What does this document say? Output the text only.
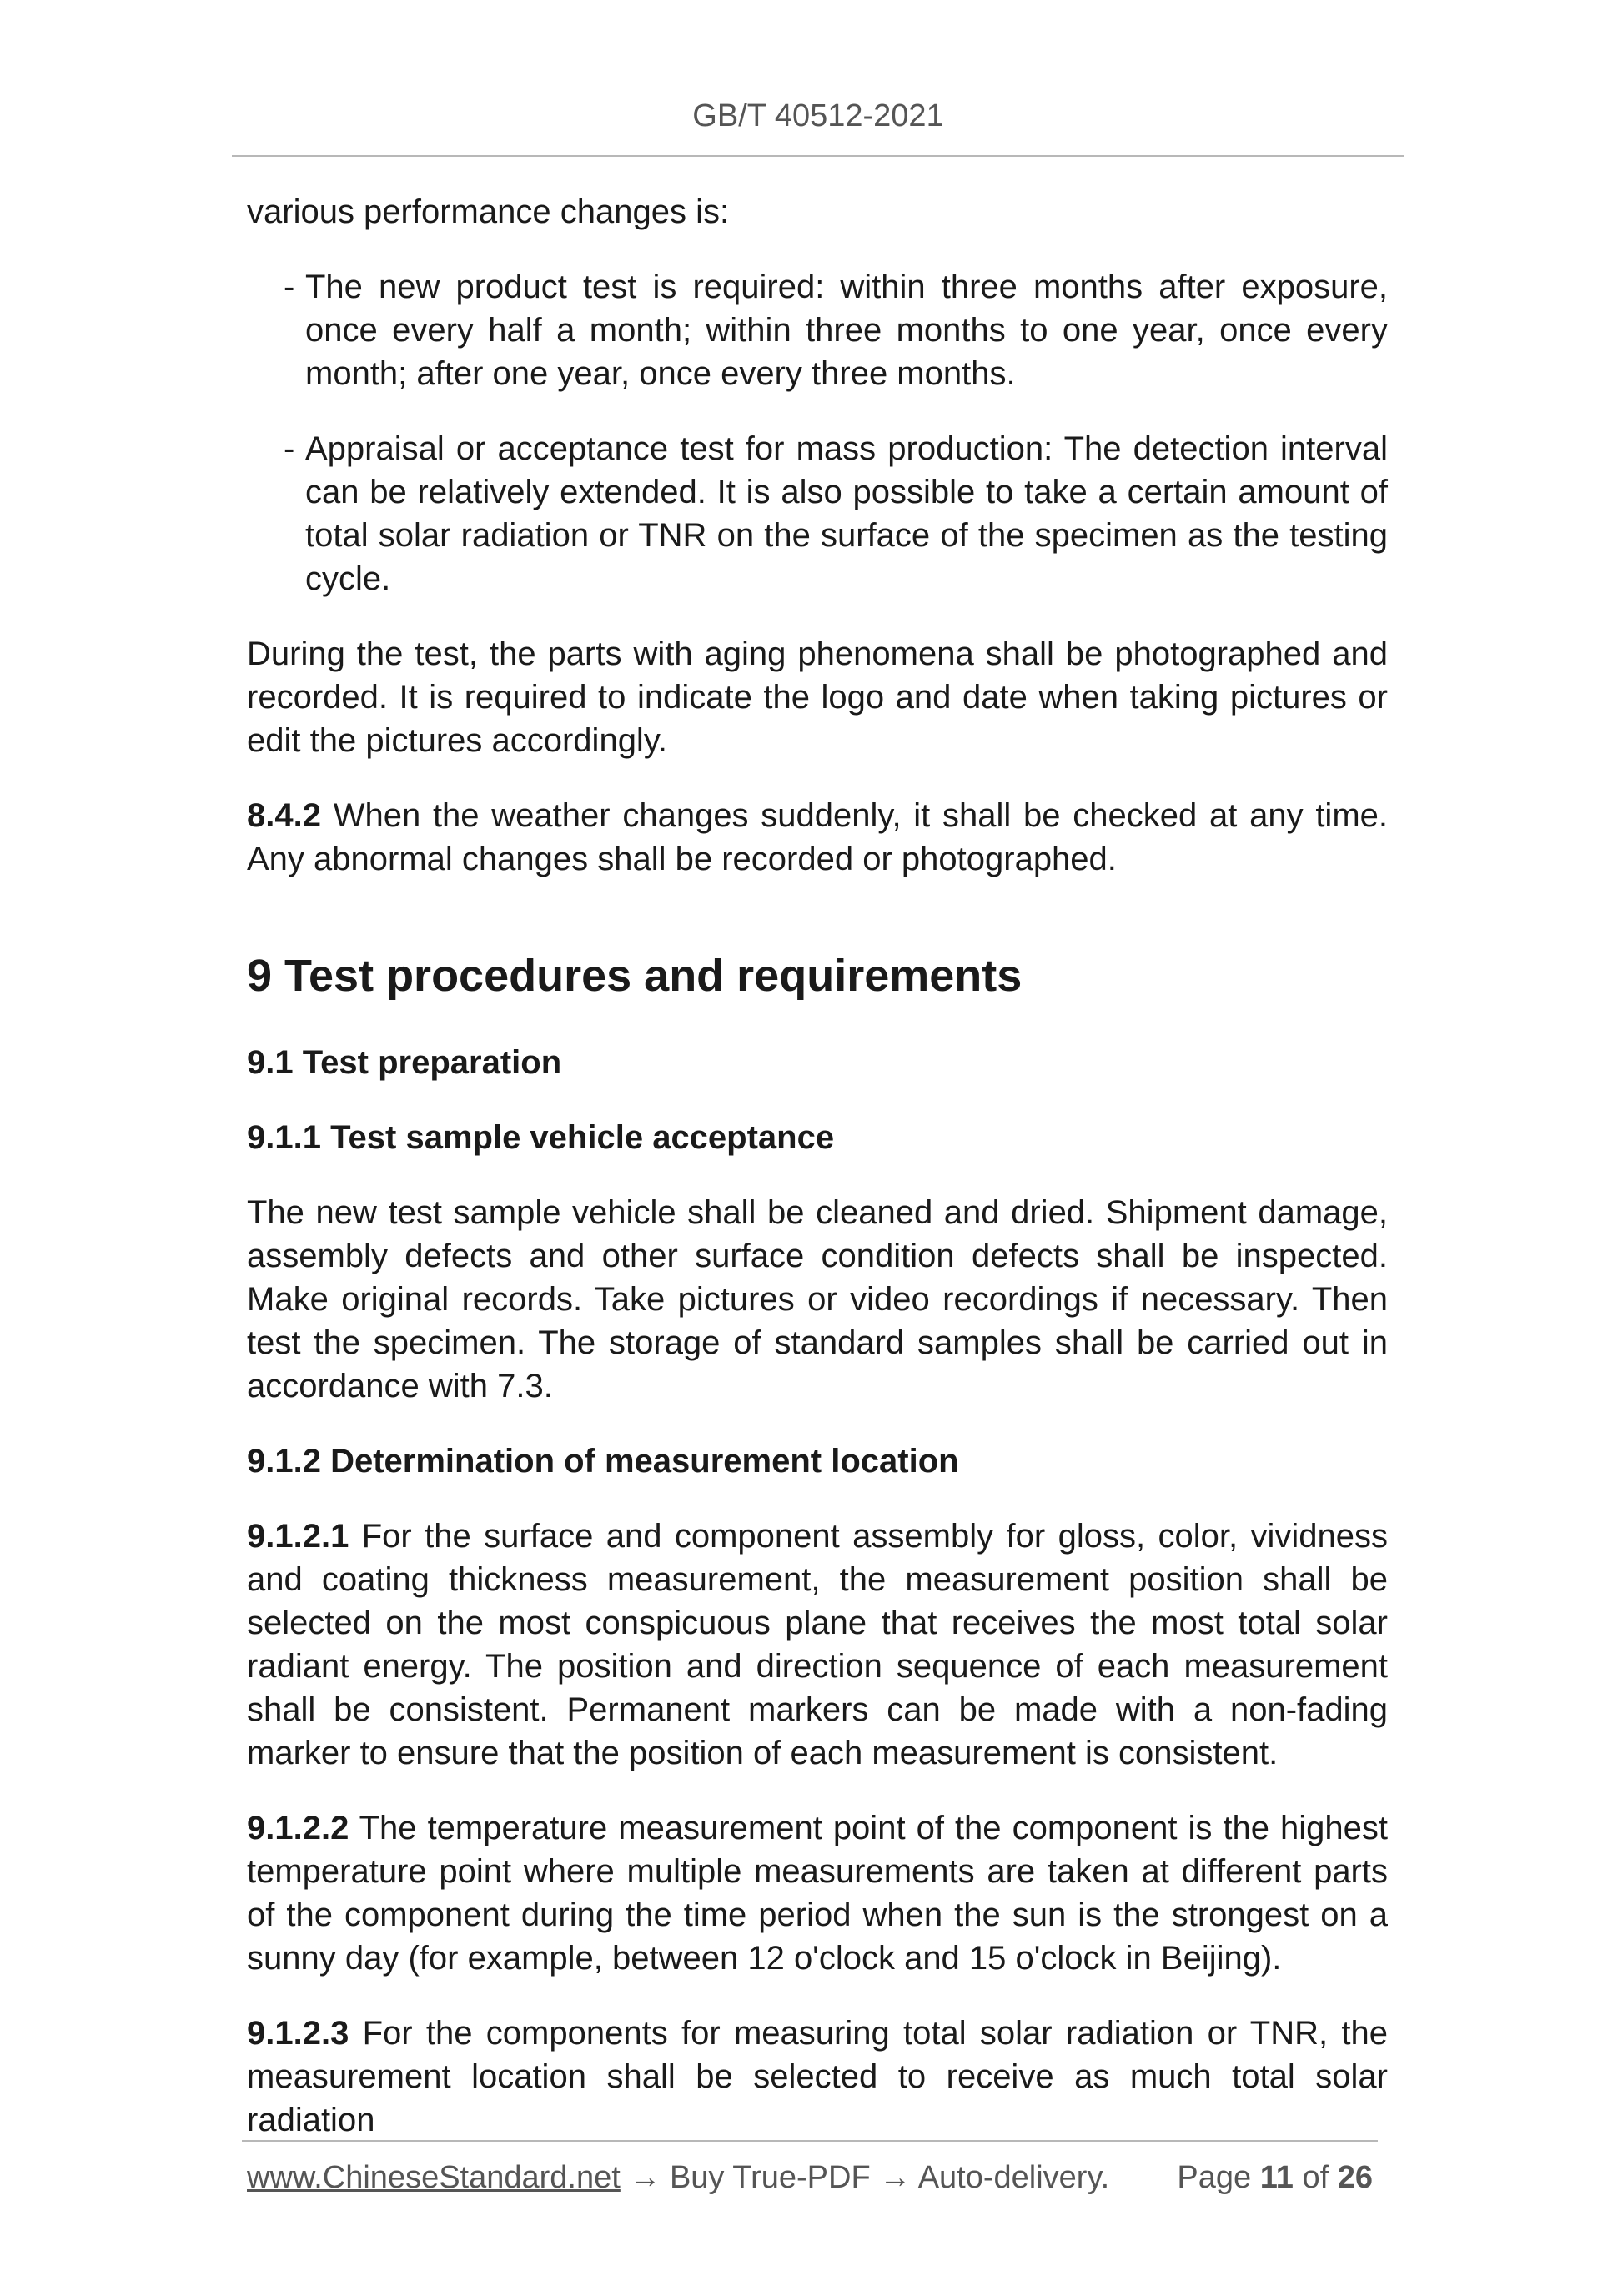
GB/T 40512-2021

various performance changes is:

- The new product test is required: within three months after exposure, once every half a month; within three months to one year, once every month; after one year, once every three months.
- Appraisal or acceptance test for mass production: The detection interval can be relatively extended. It is also possible to take a certain amount of total solar radiation or TNR on the surface of the specimen as the testing cycle.

During the test, the parts with aging phenomena shall be photographed and recorded. It is required to indicate the logo and date when taking pictures or edit the pictures accordingly.

8.4.2 When the weather changes suddenly, it shall be checked at any time. Any abnormal changes shall be recorded or photographed.

9 Test procedures and requirements
9.1 Test preparation
9.1.1 Test sample vehicle acceptance

The new test sample vehicle shall be cleaned and dried. Shipment damage, assembly defects and other surface condition defects shall be inspected. Make original records. Take pictures or video recordings if necessary. Then test the specimen. The storage of standard samples shall be carried out in accordance with 7.3.

9.1.2 Determination of measurement location

9.1.2.1 For the surface and component assembly for gloss, color, vividness and coating thickness measurement, the measurement position shall be selected on the most conspicuous plane that receives the most total solar radiant energy. The position and direction sequence of each measurement shall be consistent. Permanent markers can be made with a non-fading marker to ensure that the position of each measurement is consistent.

9.1.2.2 The temperature measurement point of the component is the highest temperature point where multiple measurements are taken at different parts of the component during the time period when the sun is the strongest on a sunny day (for example, between 12 o'clock and 15 o'clock in Beijing).

9.1.2.3 For the components for measuring total solar radiation or TNR, the measurement location shall be selected to receive as much total solar radiation

www.ChineseStandard.net → Buy True-PDF → Auto-delivery. Page 11 of 26
